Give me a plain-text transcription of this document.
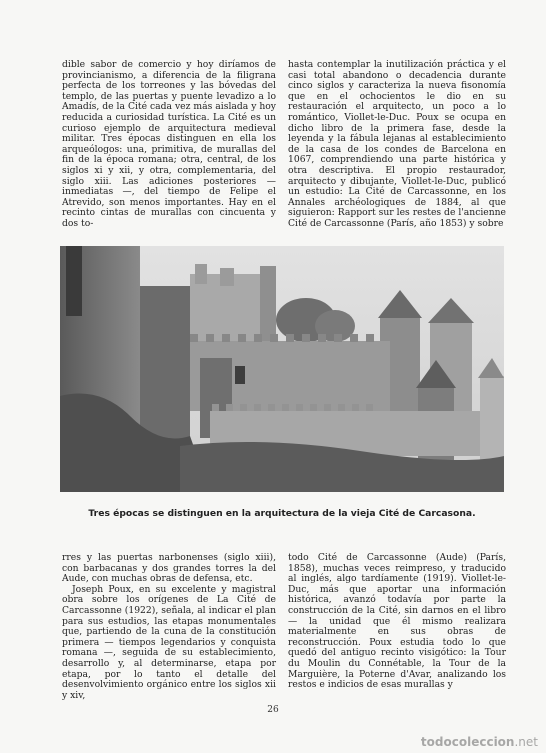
dible sabor de comercio y hoy diríamos de provincianismo, a diferencia de la filigrana perfecta de los torreones y las bóvedas del templo, de las puertas y puente levadizo a lo Amadís, de la Cité cada vez más aislada y hoy reducida a curiosidad turística. La Cité es un curioso ejemplo de arquitectura medieval militar. Tres épocas distinguen en ella los arqueólogos: una, primitiva, de murallas del fin de la época romana; otra, central, de los siglos xi y xii, y otra, complementaria, del siglo xiii. Las adiciones posteriores — inmediatas —, del tiempo de Felipe el Atrevido, son menos importantes. Hay en el recinto cintas de murallas con cincuenta y dos to-

hasta contemplar la inutilización práctica y el casi total abandono o decadencia durante cinco siglos y caracteriza la nueva fisonomía que en el ochocientos le dio en su restauración el arquitecto, un poco a lo romántico, Viollet-le-Duc. Poux se ocupa en dicho libro de la primera fase, desde la leyenda y la fábula lejanas al establecimiento de la casa de los condes de Barcelona en 1067, comprendiendo una parte histórica y otra descriptiva. El propio restaurador, arquitecto y dibujante, Viollet-le-Duc, publicó un estudio: La Cité de Carcassonne, en los Annales archéologiques de 1884, al que siguieron: Rapport sur les restes de l'ancienne Cité de Carcassonne (París, año 1853) y sobre

Tres épocas se distinguen en la arquitectura de la vieja Cité de Carcasona.

rres y las puertas narbonenses (siglo xiii), con barbacanas y dos grandes torres la del Aude, con muchas obras de defensa, etc.

Joseph Poux, en su excelente y magistral obra sobre los orígenes de La Cité de Carcassonne (1922), señala, al indicar el plan para sus estudios, las etapas monumentales que, partiendo de la cuna de la constitución primera — tiempos legendarios y conquista romana —, seguida de su establecimiento, desarrollo y, al determinarse, etapa por etapa, por lo tanto el detalle del desenvolvimiento orgánico entre los siglos xii y xiv,

todo Cité de Carcassonne (Aude) (París, 1858), muchas veces reimpreso, y traducido al inglés, algo tardíamente (1919). Viollet-le-Duc, más que aportar una información histórica, avanzó todavía por parte la construcción de la Cité, sin darnos en el libro — la unidad que él mismo realizara materialmente en sus obras de reconstrucción. Poux estudia todo lo que quedó del antiguo recinto visigótico: la Tour du Moulin du Connétable, la Tour de la Marguière, la Poterne d'Avar, analizando los restos e indicios de esas murallas y

26
todocoleccion.net
